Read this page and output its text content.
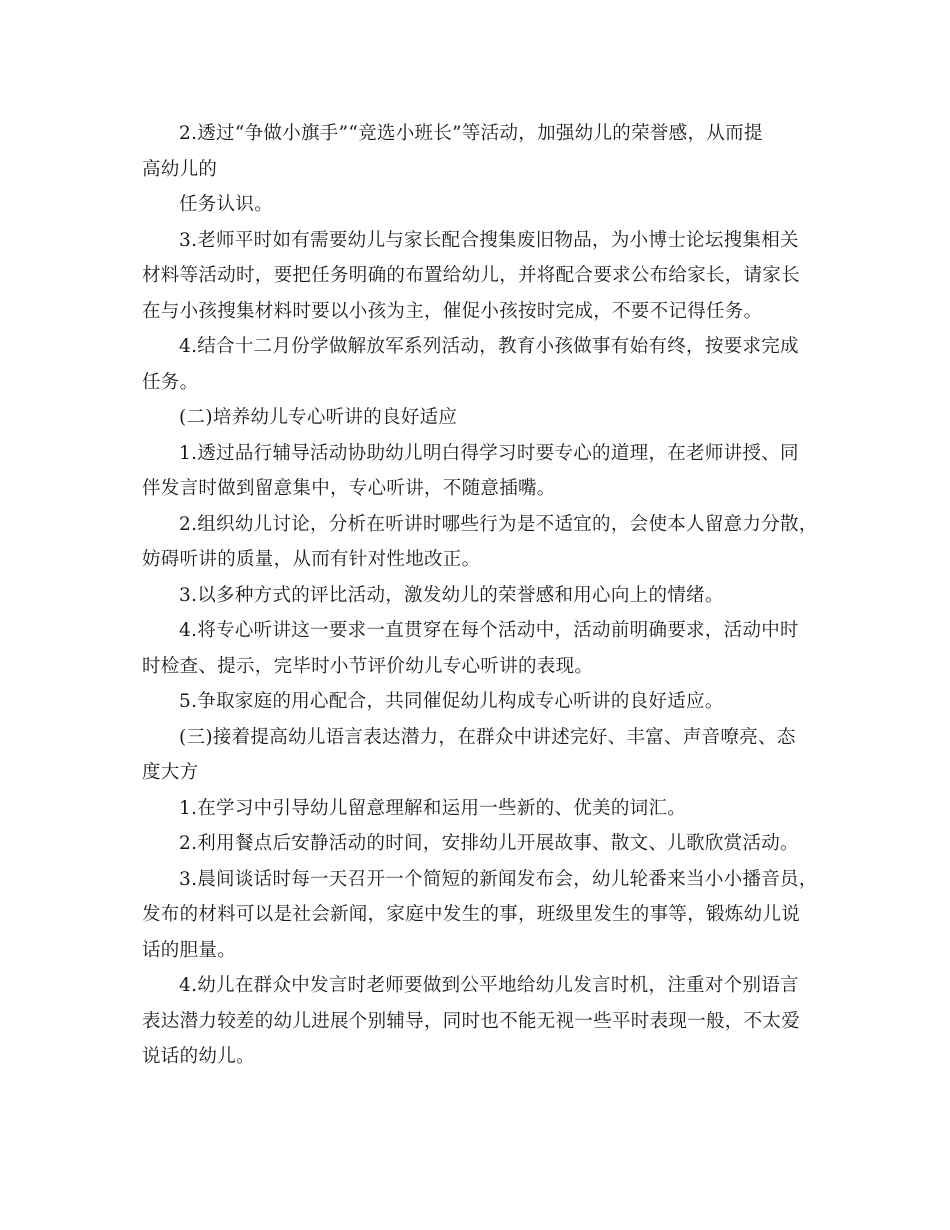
2.透过“争做小旗手”“竞选小班长”等活动，加强幼儿的荣誉感，从而提
高幼儿的
任务认识。
3.老师平时如有需要幼儿与家长配合搜集废旧物品，为小博士论坛搜集相关
材料等活动时，要把任务明确的布置给幼儿，并将配合要求公布给家长，请家长
在与小孩搜集材料时要以小孩为主，催促小孩按时完成，不要不记得任务。
4.结合十二月份学做解放军系列活动，教育小孩做事有始有终，按要求完成
任务。
(二)培养幼儿专心听讲的良好适应
1.透过品行辅导活动协助幼儿明白得学习时要专心的道理，在老师讲授、同
伴发言时做到留意集中，专心听讲，不随意插嘴。
2.组织幼儿讨论，分析在听讲时哪些行为是不适宜的，会使本人留意力分散，
妨碍听讲的质量，从而有针对性地改正。
3.以多种方式的评比活动，激发幼儿的荣誉感和用心向上的情绪。
4.将专心听讲这一要求一直贯穿在每个活动中，活动前明确要求，活动中时
时检查、提示，完毕时小节评价幼儿专心听讲的表现。
5.争取家庭的用心配合，共同催促幼儿构成专心听讲的良好适应。
(三)接着提高幼儿语言表达潜力，在群众中讲述完好、丰富、声音嘹亮、态
度大方
1.在学习中引导幼儿留意理解和运用一些新的、优美的词汇。
2.利用餐点后安静活动的时间，安排幼儿开展故事、散文、儿歌欣赏活动。
3.晨间谈话时每一天召开一个简短的新闻发布会，幼儿轮番来当小小播音员，
发布的材料可以是社会新闻，家庭中发生的事，班级里发生的事等，锻炼幼儿说
话的胆量。
4.幼儿在群众中发言时老师要做到公平地给幼儿发言时机，注重对个别语言
表达潜力较差的幼儿进展个别辅导，同时也不能无视一些平时表现一般，不太爱
说话的幼儿。
